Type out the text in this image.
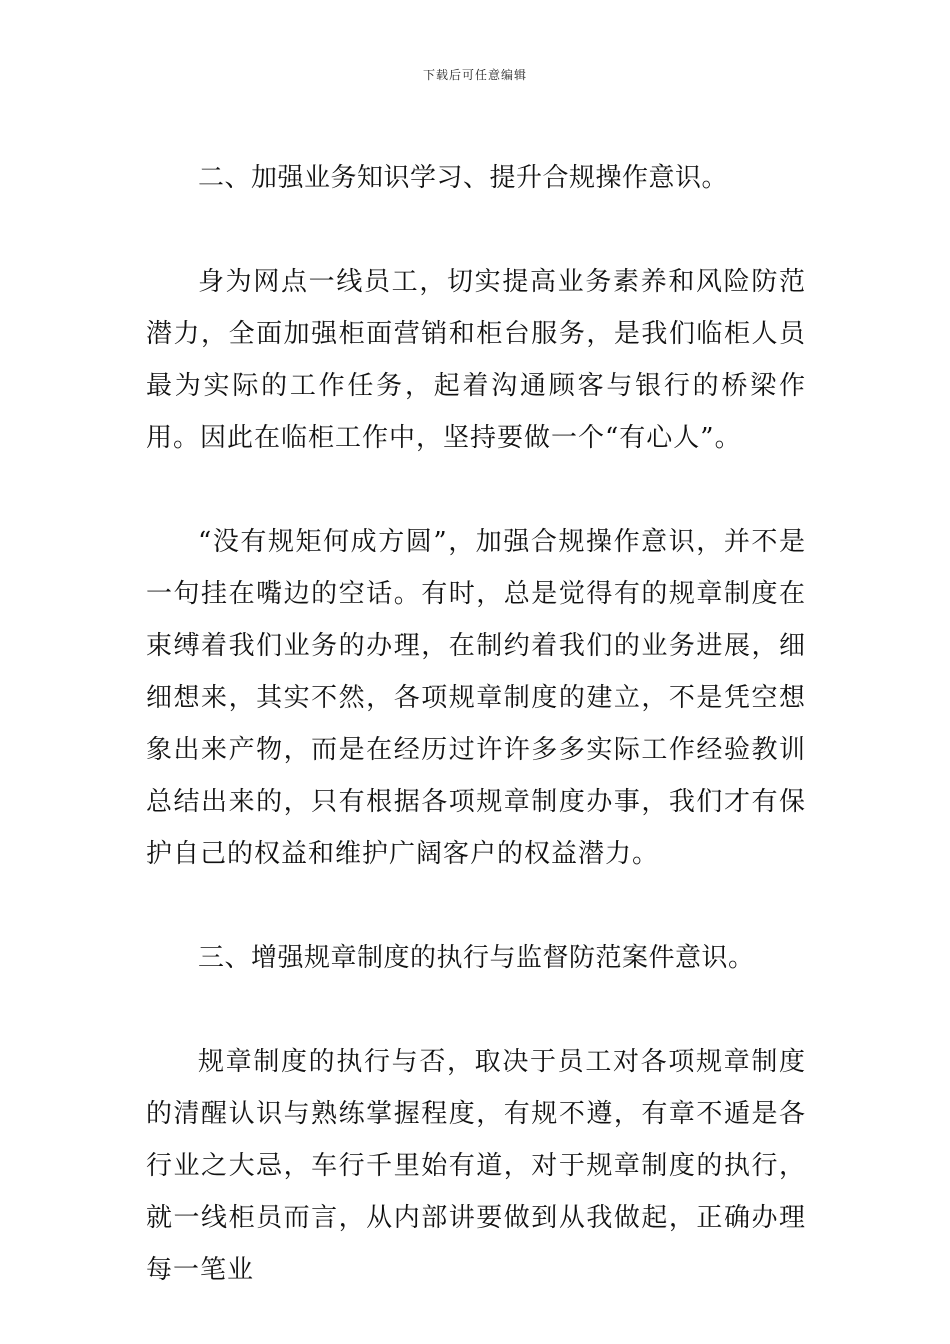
下载后可任意编辑

二、加强业务知识学习、提升合规操作意识。

身为网点一线员工，切实提高业务素养和风险防范潜力，全面加强柜面营销和柜台服务，是我们临柜人员最为实际的工作任务，起着沟通顾客与银行的桥梁作用。因此在临柜工作中，坚持要做一个“有心人”。

“没有规矩何成方圆”，加强合规操作意识，并不是一句挂在嘴边的空话。有时，总是觉得有的规章制度在束缚着我们业务的办理，在制约着我们的业务进展，细细想来，其实不然，各项规章制度的建立，不是凭空想象出来产物，而是在经历过许许多多实际工作经验教训总结出来的，只有根据各项规章制度办事，我们才有保护自己的权益和维护广阔客户的权益潜力。

三、增强规章制度的执行与监督防范案件意识。

规章制度的执行与否，取决于员工对各项规章制度的清醒认识与熟练掌握程度，有规不遵，有章不遁是各行业之大忌，车行千里始有道，对于规章制度的执行，就一线柜员而言，从内部讲要做到从我做起，正确办理每一笔业
